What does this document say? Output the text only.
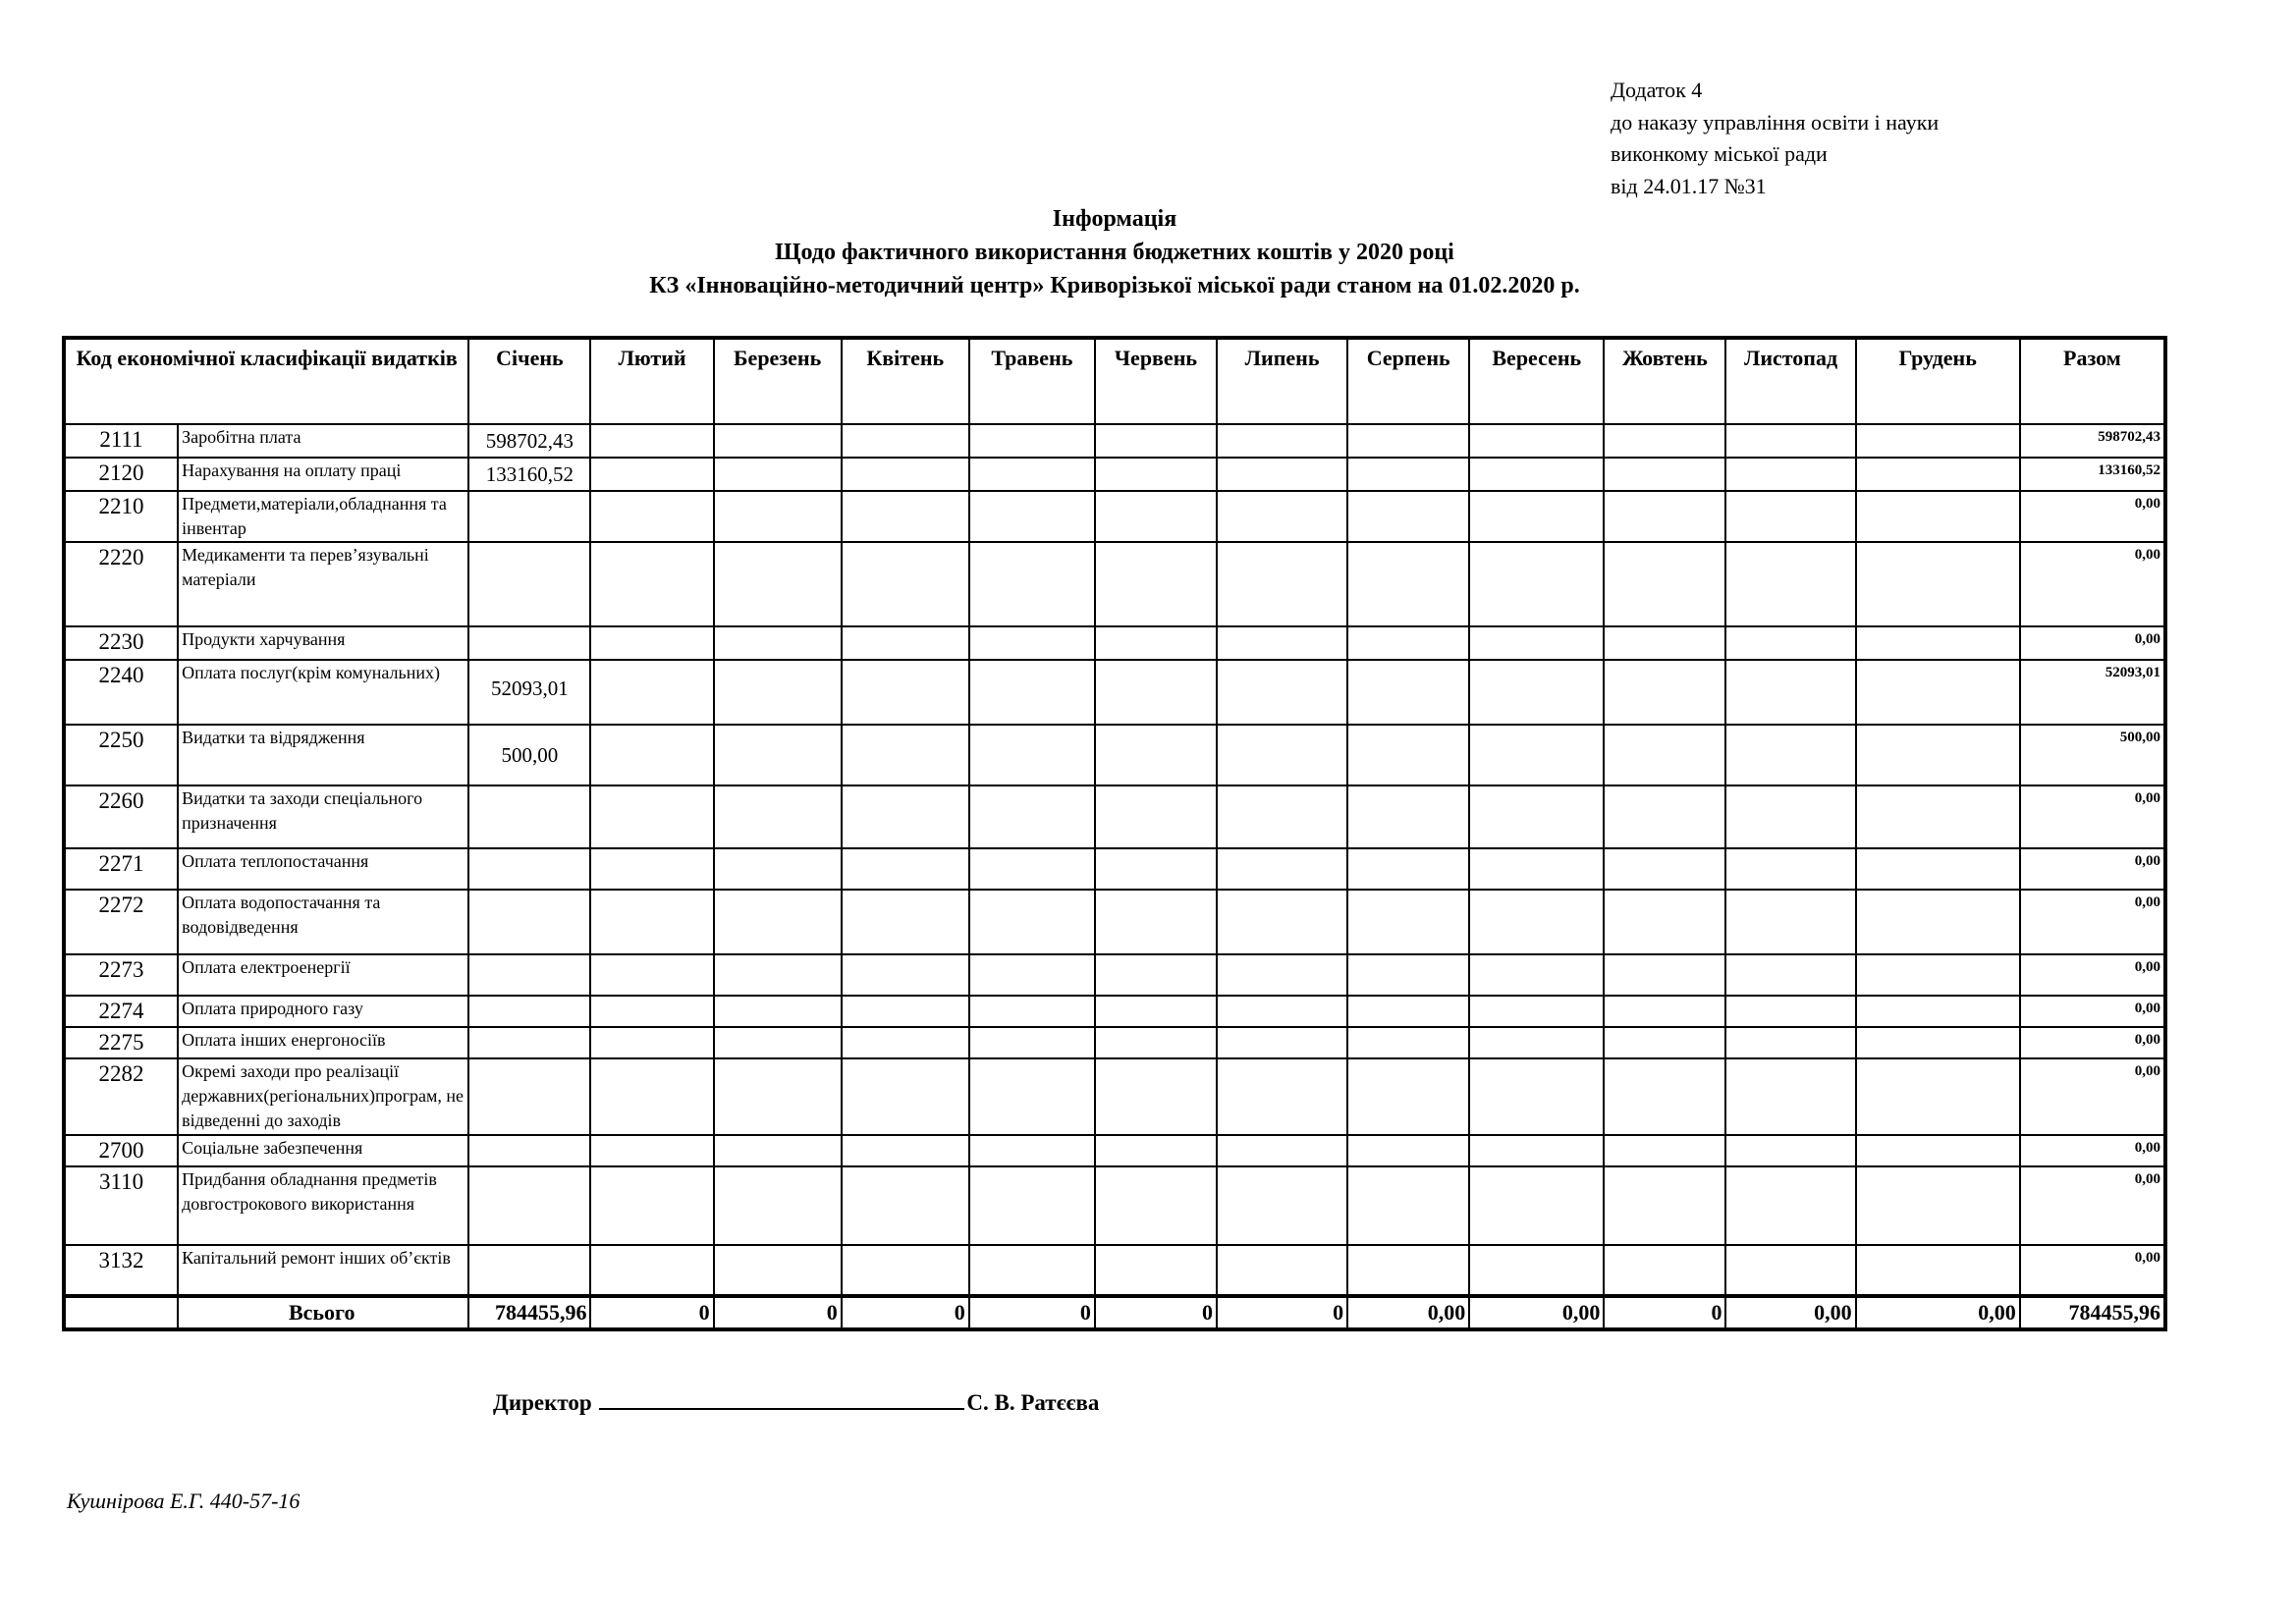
Додаток 4
до наказу управління освіти і науки
виконкому міської ради
від 24.01.17 №31
Інформація
Щодо фактичного використання бюджетних коштів у 2020 році
КЗ «Інноваційно-методичний центр» Криворізької міської ради станом на 01.02.2020 р.
Код економічної класифікації видатків		Січень	Лютий	Березень	Квітень	Травень	Червень	Липень	Серпень	Вересень	Жовтень	Листопад	Грудень	Разом
2111	Заробітна плата	598702,43												598702,43
2120	Нарахування на оплату праці	133160,52												133160,52
2210	Предмети,матеріали,обладнання та інвентар													0,00
2220	Медикаменти та перев’язувальні матеріали													0,00
2230	Продукти харчування													0,00
2240	Оплата послуг(крім комунальних)	52093,01												52093,01
2250	Видатки та відрядження	500,00												500,00
2260	Видатки та заходи спеціального призначення													0,00
2271	Оплата теплопостачання													0,00
2272	Оплата водопостачання та водовідведення													0,00
2273	Оплата електроенергії													0,00
2274	Оплата природного газу													0,00
2275	Оплата інших енергоносіїв													0,00
2282	Окремі заходи про реалізації державних(регіональних)програм, не відведенні до заходів													0,00
2700	Соціальне забезпечення													0,00
3110	Придбання обладнання предметів довгострокового використання													0,00
3132	Капітальний ремонт інших об’єктів													0,00
	Всього	784455,96	0	0	0	0	0	0	0,00	0,00	0	0,00	0,00	784455,96
Директор	С. В. Ратєєва
Кушнірова Е.Г. 440-57-16
